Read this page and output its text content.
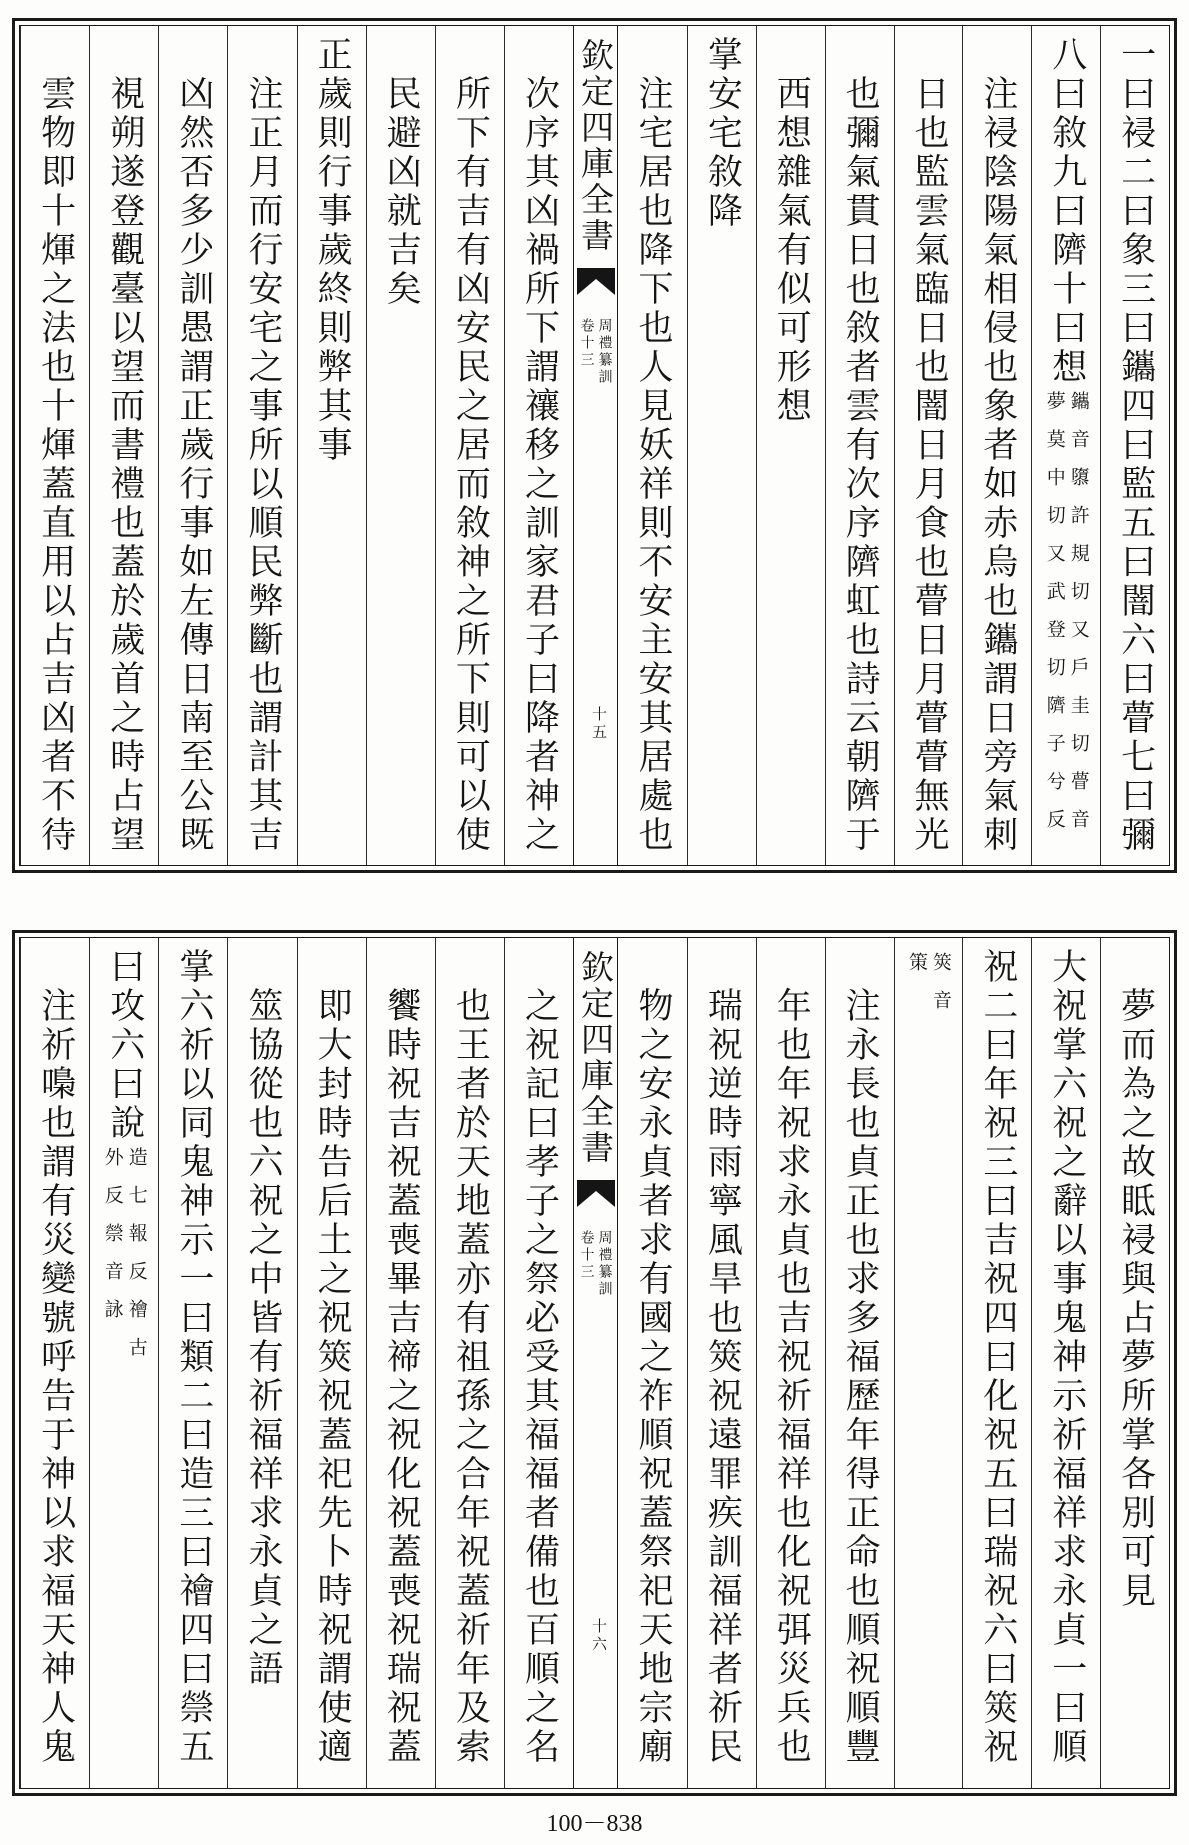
欽定四庫全書
周禮纂訓
卷十三
十五	一曰祲二曰象三曰鑴四曰監五曰闇六曰瞢七曰彌
八曰敘九曰隮十曰想
鑴音隳許規切又戶圭切瞢音
夢莫中切又武登切隮子兮反
注祲陰陽氣相侵也象者如赤烏也鑴謂日旁氣刺
日也監雲氣臨日也闇日月食也瞢日月瞢瞢無光
也彌氣貫日也敘者雲有次序隮虹也詩云朝隮于
西想雜氣有似可形想
掌安宅敘降
注宅居也降下也人見妖祥則不安主安其居處也
次序其凶禍所下謂禳移之訓家君子曰降者神之
所下有吉有凶安民之居而敘神之所下則可以使
民避凶就吉矣
正歲則行事歲終則弊其事
注正月而行安宅之事所以順民弊斷也謂計其吉
凶然否多少訓愚謂正歲行事如左傳日南至公既
視朔遂登觀臺以望而書禮也蓋於歲首之時占望
雲物即十煇之法也十煇蓋直用以占吉凶者不待
欽定四庫全書
周禮纂訓
卷十三
十六
夢而為之故眡祲與占夢所掌各別可見
大祝掌六祝之辭以事鬼神示祈福祥求永貞一曰順
祝二曰年祝三曰吉祝四曰化祝五曰瑞祝六曰筴祝
筴音
策
注永長也貞正也求多福歷年得正命也順祝順豐
年也年祝求永貞也吉祝祈福祥也化祝弭災兵也
瑞祝逆時雨寧風旱也筴祝遠罪疾訓福祥者祈民
物之安永貞者求有國之祚順祝蓋祭祀天地宗廟
之祝記曰孝子之祭必受其福福者備也百順之名
也王者於天地蓋亦有祖孫之合年祝蓋祈年及索
饗時祝吉祝蓋喪畢吉禘之祝化祝蓋喪祝瑞祝蓋
即大封時告后土之祝筴祝蓋祀先卜時祝謂使適
筮協從也六祝之中皆有祈福祥求永貞之語
掌六祈以同鬼神示一曰類二曰造三曰禬四曰禜五
曰攻六曰說
造七報反禬古
外反禜音詠
注祈嘄也謂有災變號呼告于神以求福天神人鬼
100－838
